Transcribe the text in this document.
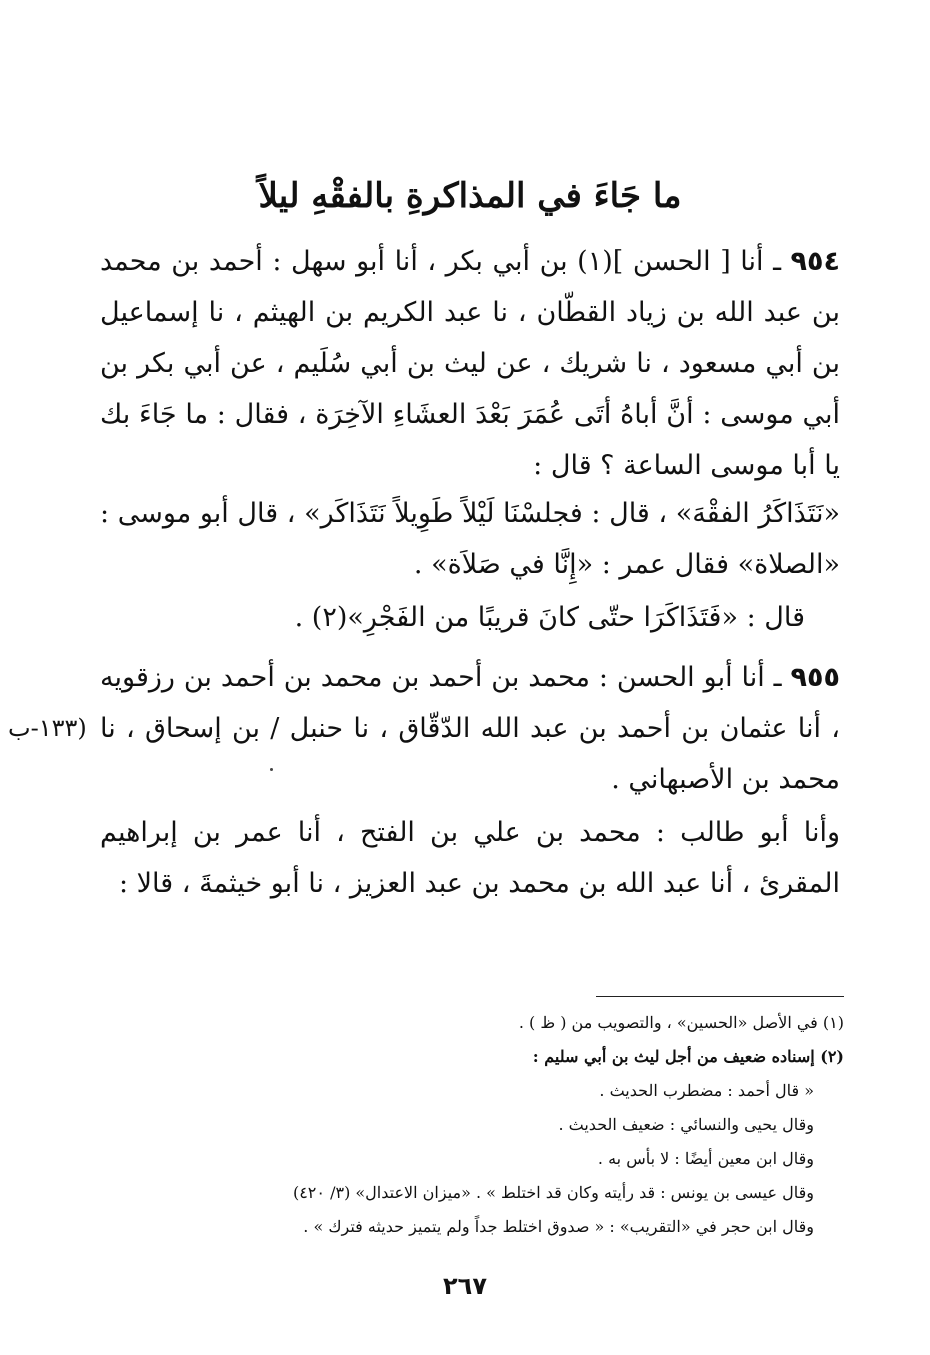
ما جَاءَ في المذاكرةِ بالفقْهِ ليلاً
٩٥٤ ـ أنا [ الحسن ](١) بن أبي بكر ، أنا أبو سهل : أحمد بن محمد بن عبد الله بن زياد القطّان ، نا عبد الكريم بن الهيثم ، نا إسماعيل بن أبي مسعود ، نا شريك ، عن ليث بن أبي سُلَيم ، عن أبي بكر بن أبي موسى : أنَّ أباهُ أتَى عُمَرَ بَعْدَ العشَاءِ الآخِرَة ، فقال : ما جَاءَ بك يا أبا موسى الساعة ؟ قال :
«نَتَذَاكَرُ الفقْهَ» ، قال : فجلسْنَا لَيْلاً طَوِيلاً نَتَذَاكَر» ، قال أبو موسى : «الصلاة» فقال عمر : «إِنَّا في صَلاَة» .
قال : «فَتَذَاكَرَا حتّى كانَ قريبًا من الفَجْرِ»(٢) .
٩٥٥ ـ أنا أبو الحسن : محمد بن أحمد بن محمد بن أحمد بن رزقويه ، أنا عثمان بن أحمد بن عبد الله الدّقّاق ، نا حنبل / بن إسحاق ، نا محمد بن الأصبهاني .
(١٣٣-ب
وأنا أبو طالب : محمد بن علي بن الفتح ، أنا عمر بن إبراهيم المقرئ ، أنا عبد الله بن محمد بن عبد العزيز ، نا أبو خيثمةَ ، قالا :
(١) في الأصل «الحسين» ، والتصويب من ( ظ ) .
(٢) إسناده ضعيف من أجل ليث بن أبي سليم :
« قال أحمد : مضطرب الحديث .
وقال يحيى والنسائي : ضعيف الحديث .
وقال ابن معين أيضًا : لا بأس به .
وقال عيسى بن يونس : قد رأيته وكان قد اختلط » . «ميزان الاعتدال» (٣/ ٤٢٠)
وقال ابن حجر في «التقريب» : « صدوق اختلط جداً ولم يتميز حديثه فترك » .
٢٦٧
